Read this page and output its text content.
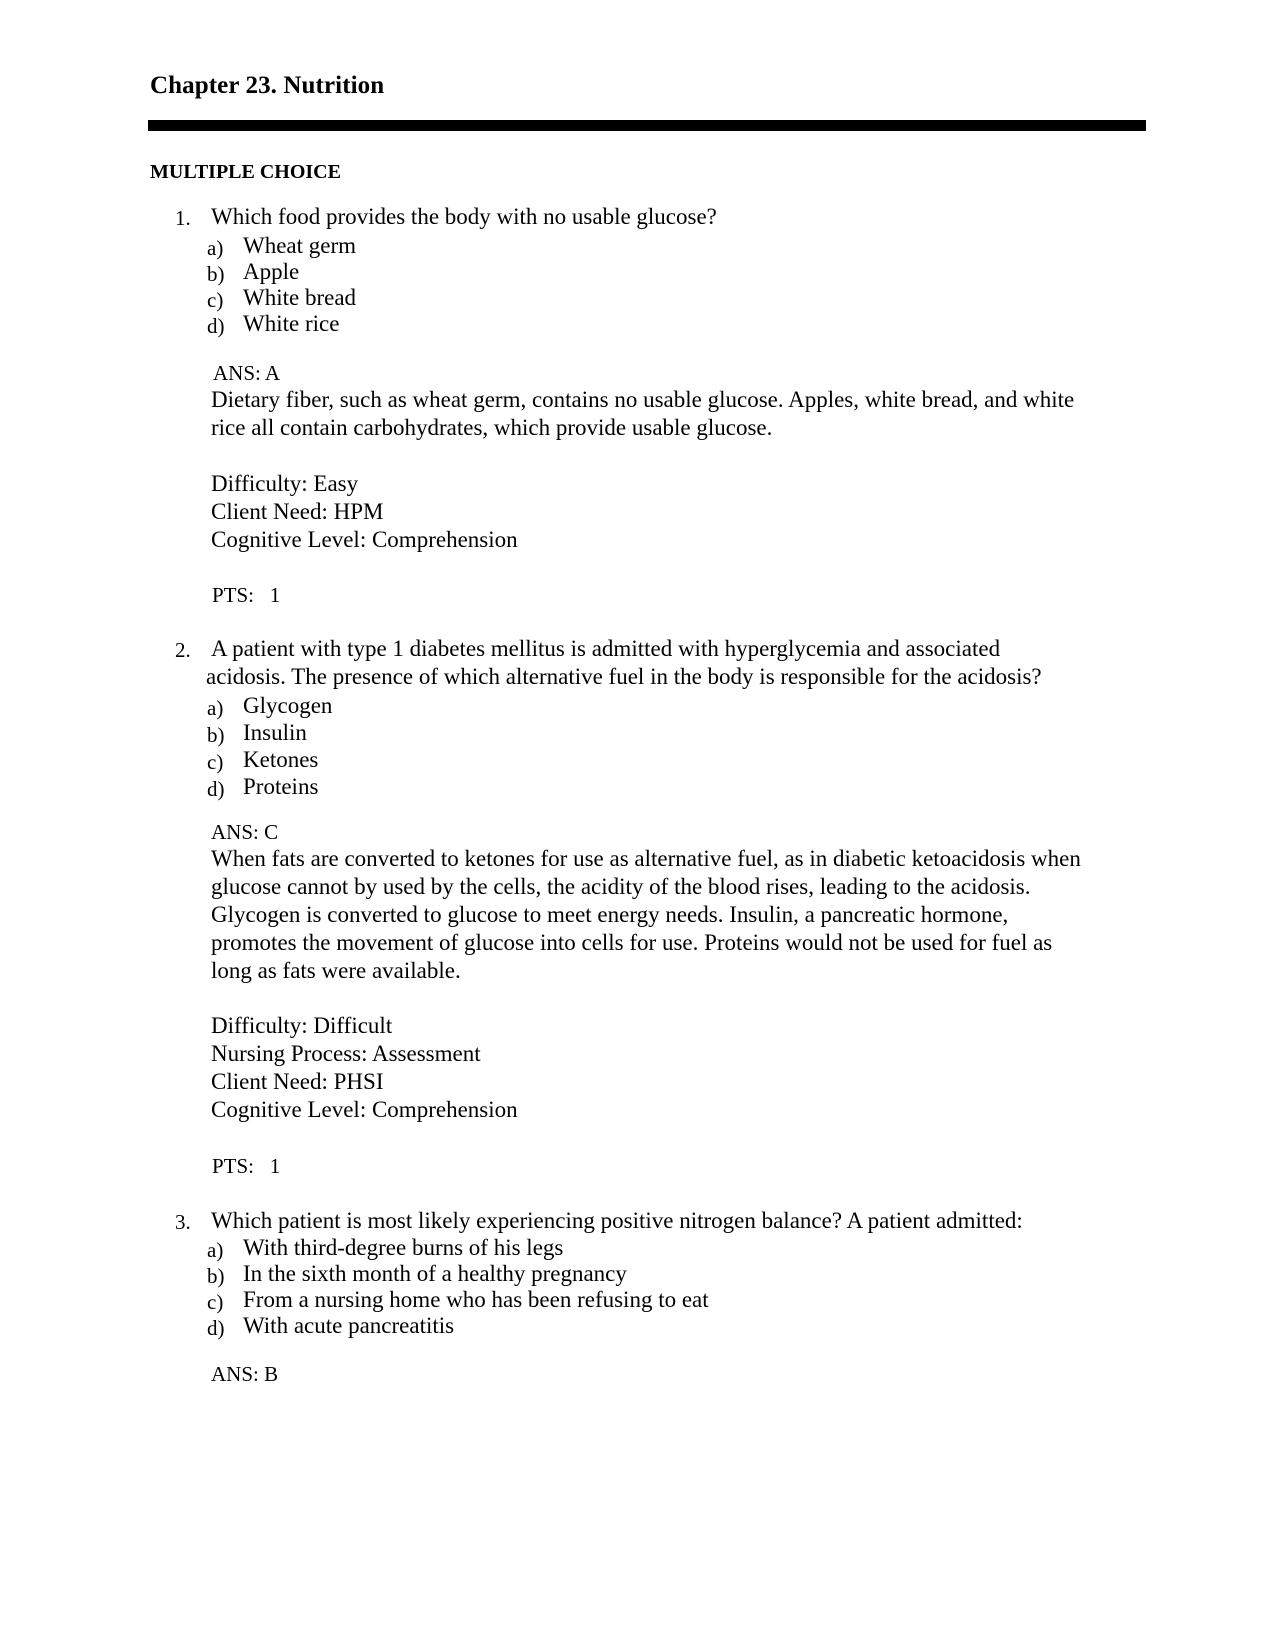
Chapter 23. Nutrition
MULTIPLE CHOICE
1. Which food provides the body with no usable glucose?
a) Wheat germ
b) Apple
c) White bread
d) White rice
ANS: A
Dietary fiber, such as wheat germ, contains no usable glucose. Apples, white bread, and white
rice all contain carbohydrates, which provide usable glucose.
Difficulty: Easy
Client Need: HPM
Cognitive Level: Comprehension
PTS:   1
2. A patient with type 1 diabetes mellitus is admitted with hyperglycemia and associated
acidosis. The presence of which alternative fuel in the body is responsible for the acidosis?
a) Glycogen
b) Insulin
c) Ketones
d) Proteins
ANS: C
When fats are converted to ketones for use as alternative fuel, as in diabetic ketoacidosis when
glucose cannot by used by the cells, the acidity of the blood rises, leading to the acidosis.
Glycogen is converted to glucose to meet energy needs. Insulin, a pancreatic hormone,
promotes the movement of glucose into cells for use. Proteins would not be used for fuel as
long as fats were available.
Difficulty: Difficult
Nursing Process: Assessment
Client Need: PHSI
Cognitive Level: Comprehension
PTS:   1
3. Which patient is most likely experiencing positive nitrogen balance? A patient admitted:
a) With third-degree burns of his legs
b) In the sixth month of a healthy pregnancy
c) From a nursing home who has been refusing to eat
d) With acute pancreatitis
ANS: B
